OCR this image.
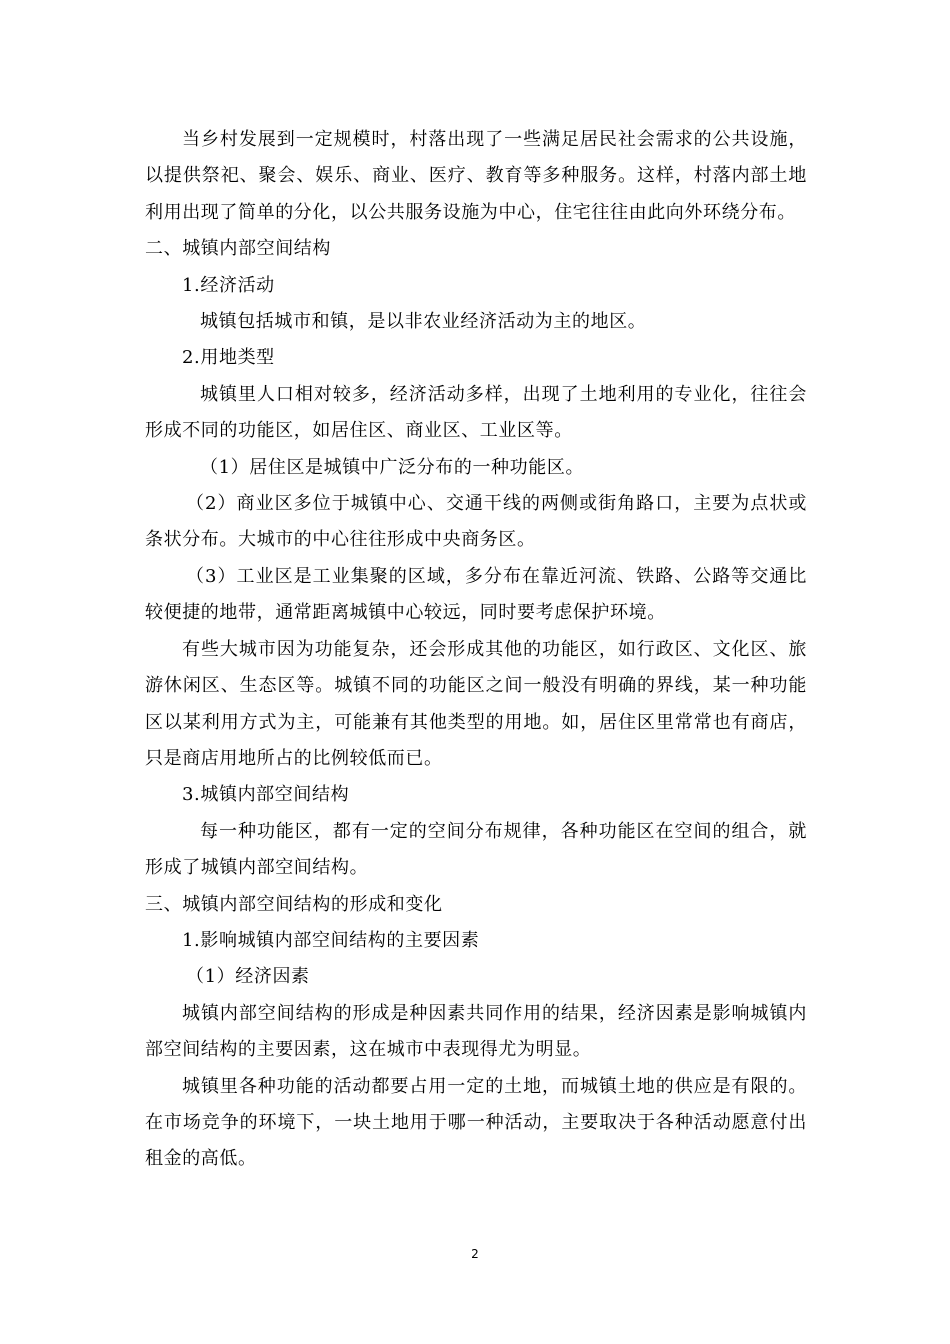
当乡村发展到一定规模时，村落出现了一些满足居民社会需求的公共设施，以提供祭祀、聚会、娱乐、商业、医疗、教育等多种服务。这样，村落内部土地利用出现了简单的分化，以公共服务设施为中心，住宅往往由此向外环绕分布。

二、城镇内部空间结构

1.经济活动

城镇包括城市和镇，是以非农业经济活动为主的地区。

2.用地类型

城镇里人口相对较多，经济活动多样，出现了土地利用的专业化，往往会形成不同的功能区，如居住区、商业区、工业区等。

（1）居住区是城镇中广泛分布的一种功能区。

（2）商业区多位于城镇中心、交通干线的两侧或街角路口，主要为点状或条状分布。大城市的中心往往形成中央商务区。

（3）工业区是工业集聚的区域，多分布在靠近河流、铁路、公路等交通比较便捷的地带，通常距离城镇中心较远，同时要考虑保护环境。

有些大城市因为功能复杂，还会形成其他的功能区，如行政区、文化区、旅游休闲区、生态区等。城镇不同的功能区之间一般没有明确的界线，某一种功能区以某利用方式为主，可能兼有其他类型的用地。如，居住区里常常也有商店，只是商店用地所占的比例较低而已。

3.城镇内部空间结构

每一种功能区，都有一定的空间分布规律，各种功能区在空间的组合，就形成了城镇内部空间结构。

三、城镇内部空间结构的形成和变化

1.影响城镇内部空间结构的主要因素

（1）经济因素

城镇内部空间结构的形成是种因素共同作用的结果，经济因素是影响城镇内部空间结构的主要因素，这在城市中表现得尤为明显。

城镇里各种功能的活动都要占用一定的土地，而城镇土地的供应是有限的。在市场竞争的环境下，一块土地用于哪一种活动，主要取决于各种活动愿意付出租金的高低。

2
